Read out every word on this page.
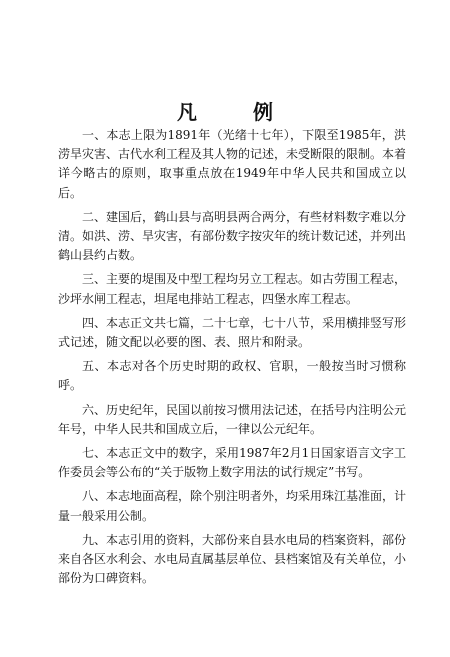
凡　例

一、本志上限为1891年（光绪十七年），下限至1985年，洪涝旱灾害、古代水利工程及其人物的记述，未受断限的限制。本着详今略古的原则，取事重点放在1949年中华人民共和国成立以后。

二、建国后，鹤山县与高明县两合两分，有些材料数字难以分清。如洪、涝、旱灾害，有部份数字按灾年的统计数记述，并列出鹤山县约占数。

三、主要的堤围及中型工程均另立工程志。如古劳围工程志，沙坪水闸工程志，坦尾电排站工程志，四堡水库工程志。

四、本志正文共七篇，二十七章，七十八节，采用横排竖写形式记述，随文配以必要的图、表、照片和附录。

五、本志对各个历史时期的政权、官职，一般按当时习惯称呼。

六、历史纪年，民国以前按习惯用法记述，在括号内注明公元年号，中华人民共和国成立后，一律以公元纪年。

七、本志正文中的数字，采用1987年2月1日国家语言文字工作委员会等公布的“关于版物上数字用法的试行规定”书写。

八、本志地面高程，除个别注明者外，均采用珠江基准面，计量一般采用公制。

九、本志引用的资料，大部份来自县水电局的档案资料，部份来自各区水利会、水电局直属基层单位、县档案馆及有关单位，小部份为口碑资料。
